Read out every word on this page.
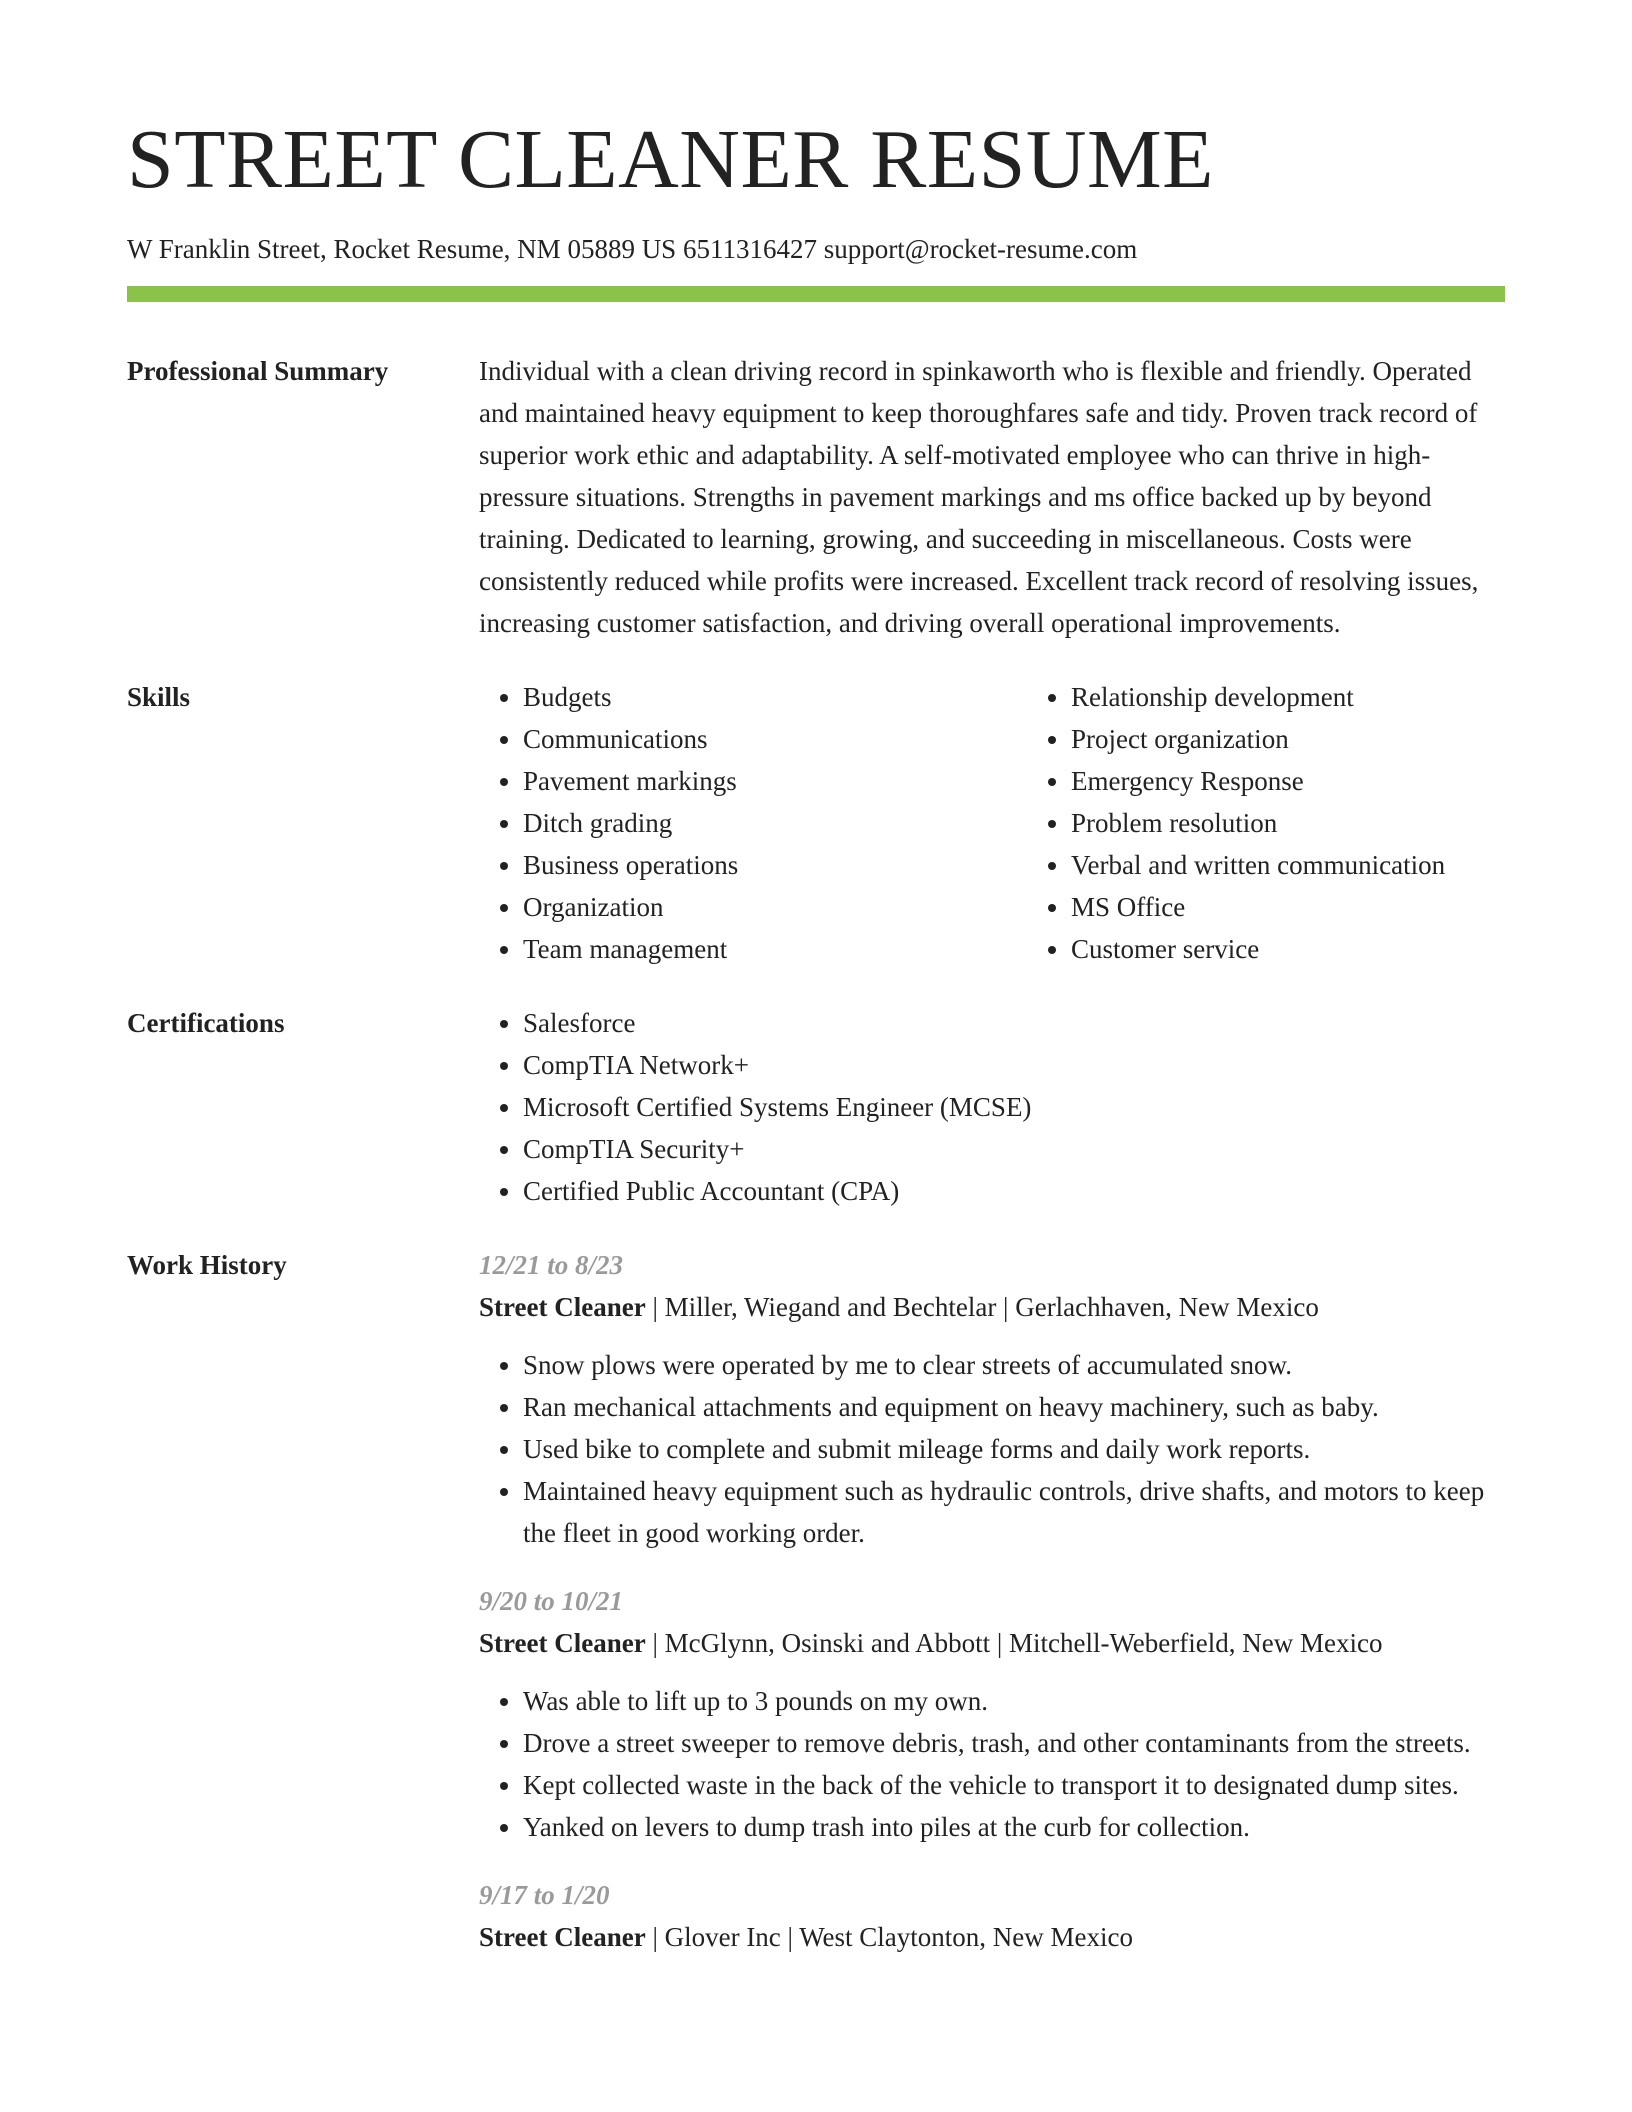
STREET CLEANER RESUME
W Franklin Street, Rocket Resume, NM 05889 US 6511316427 support@rocket-resume.com
Professional Summary	Individual with a clean driving record in spinkaworth who is flexible and friendly. Operated and maintained heavy equipment to keep thoroughfares safe and tidy. Proven track record of superior work ethic and adaptability. A self-motivated employee who can thrive in high-pressure situations. Strengths in pavement markings and ms office backed up by beyond training. Dedicated to learning, growing, and succeeding in miscellaneous. Costs were consistently reduced while profits were increased. Excellent track record of resolving issues, increasing customer satisfaction, and driving overall operational improvements.

Skills	• Budgets
• Communications
• Pavement markings
• Ditch grading
• Business operations
• Organization
• Team management
• Relationship development
• Project organization
• Emergency Response
• Problem resolution
• Verbal and written communication
• MS Office
• Customer service
Certifications	• Salesforce
• CompTIA Network+
• Microsoft Certified Systems Engineer (MCSE)
• CompTIA Security+
• Certified Public Accountant (CPA)
Work History	12/21 to 8/23
Street Cleaner | Miller, Wiegand and Bechtelar | Gerlachhaven, New Mexico
• Snow plows were operated by me to clear streets of accumulated snow.
• Ran mechanical attachments and equipment on heavy machinery, such as baby.
• Used bike to complete and submit mileage forms and daily work reports.
• Maintained heavy equipment such as hydraulic controls, drive shafts, and motors to keep the fleet in good working order.
9/20 to 10/21
Street Cleaner | McGlynn, Osinski and Abbott | Mitchell-Weberfield, New Mexico
• Was able to lift up to 3 pounds on my own.
• Drove a street sweeper to remove debris, trash, and other contaminants from the streets.
• Kept collected waste in the back of the vehicle to transport it to designated dump sites.
• Yanked on levers to dump trash into piles at the curb for collection.
9/17 to 1/20
Street Cleaner | Glover Inc | West Claytonton, New Mexico
